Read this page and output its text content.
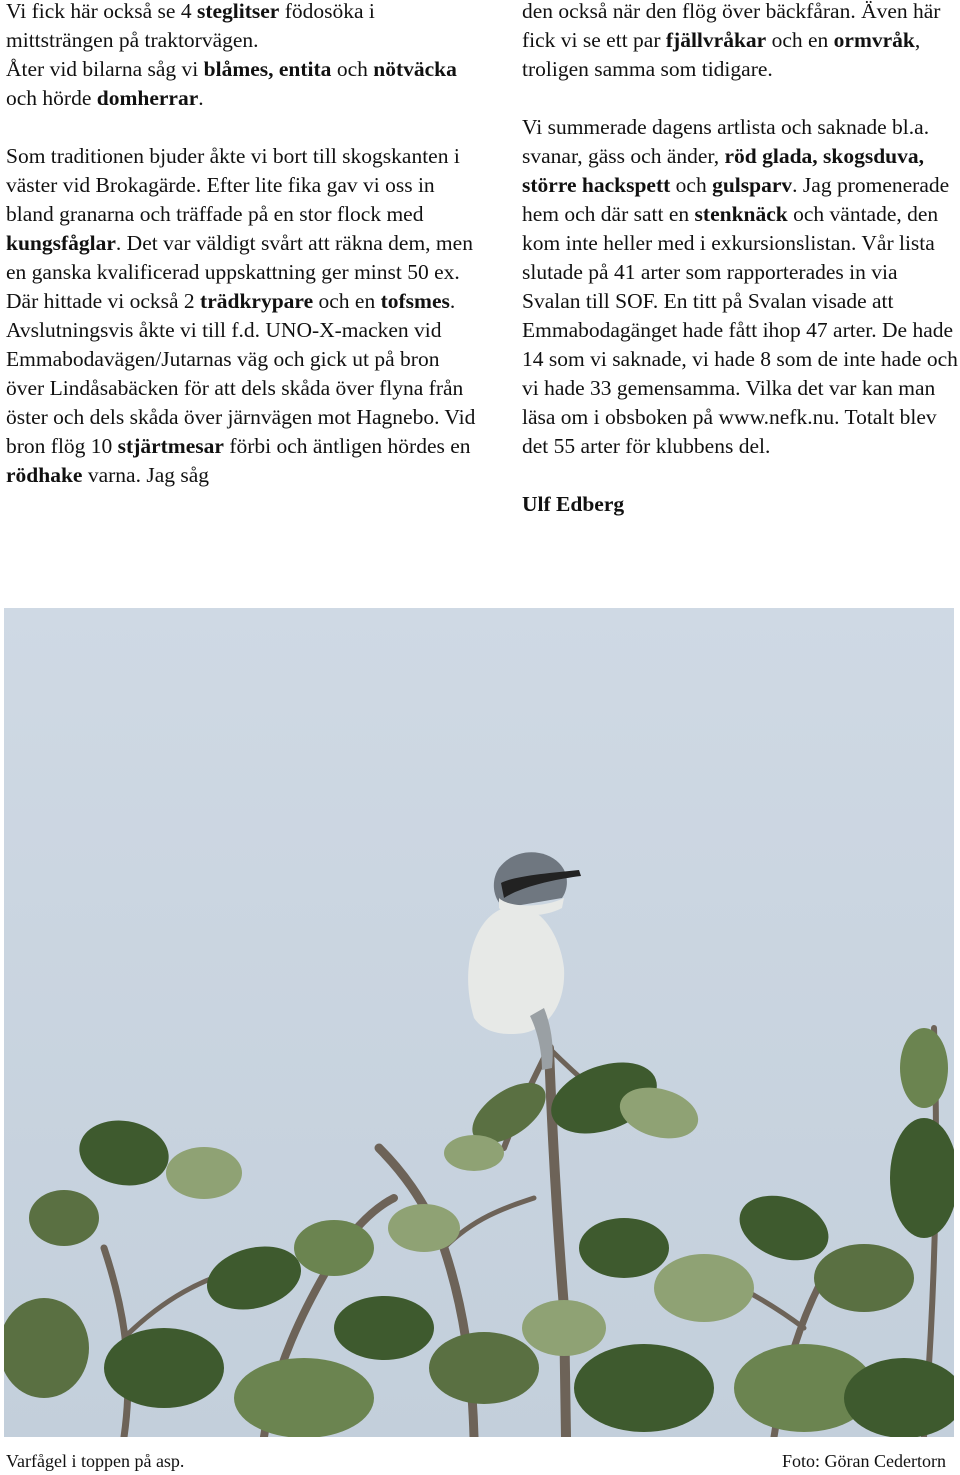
Vi fick här också se 4 steglitser födosöka i mittsträngen på traktorvägen.

Åter vid bilarna såg vi blåmes, entita och nötväcka och hörde domherrar.

Som traditionen bjuder åkte vi bort till skogskanten i väster vid Brokagärde. Efter lite fika gav vi oss in bland granarna och träffade på en stor flock med kungsfåglar. Det var väldigt svårt att räkna dem, men en ganska kvalificerad uppskattning ger minst 50 ex. Där hittade vi också 2 trädkrypare och en tofsmes.

Avslutningsvis åkte vi till f.d. UNO-X-macken vid Emmabodavägen/Jutarnas väg och gick ut på bron över Lindåsabäcken för att dels skåda över flyna från öster och dels skåda över järnvägen mot Hagnebo. Vid bron flög 10 stjärtmesar förbi och äntligen hördes en rödhake varna. Jag såg

den också när den flög över bäckfåran. Även här fick vi se ett par fjällvråkar och en ormvråk, troligen samma som tidigare.

Vi summerade dagens artlista och saknade bl.a. svanar, gäss och änder, röd glada, skogsduva, större hackspett och gulsparv. Jag promenerade hem och där satt en stenknäck och väntade, den kom inte heller med i exkursionslistan. Vår lista slutade på 41 arter som rapporterades in via Svalan till SOF. En titt på Svalan visade att Emmabodagänget hade fått ihop 47 arter. De hade 14 som vi saknade, vi hade 8 som de inte hade och vi hade 33 gemensamma. Vilka det var kan man läsa om i obsboken på www.nefk.nu. Totalt blev det 55 arter för klubbens del.

Ulf Edberg

Varfågel i toppen på asp.	Foto: Göran Cedertorn
